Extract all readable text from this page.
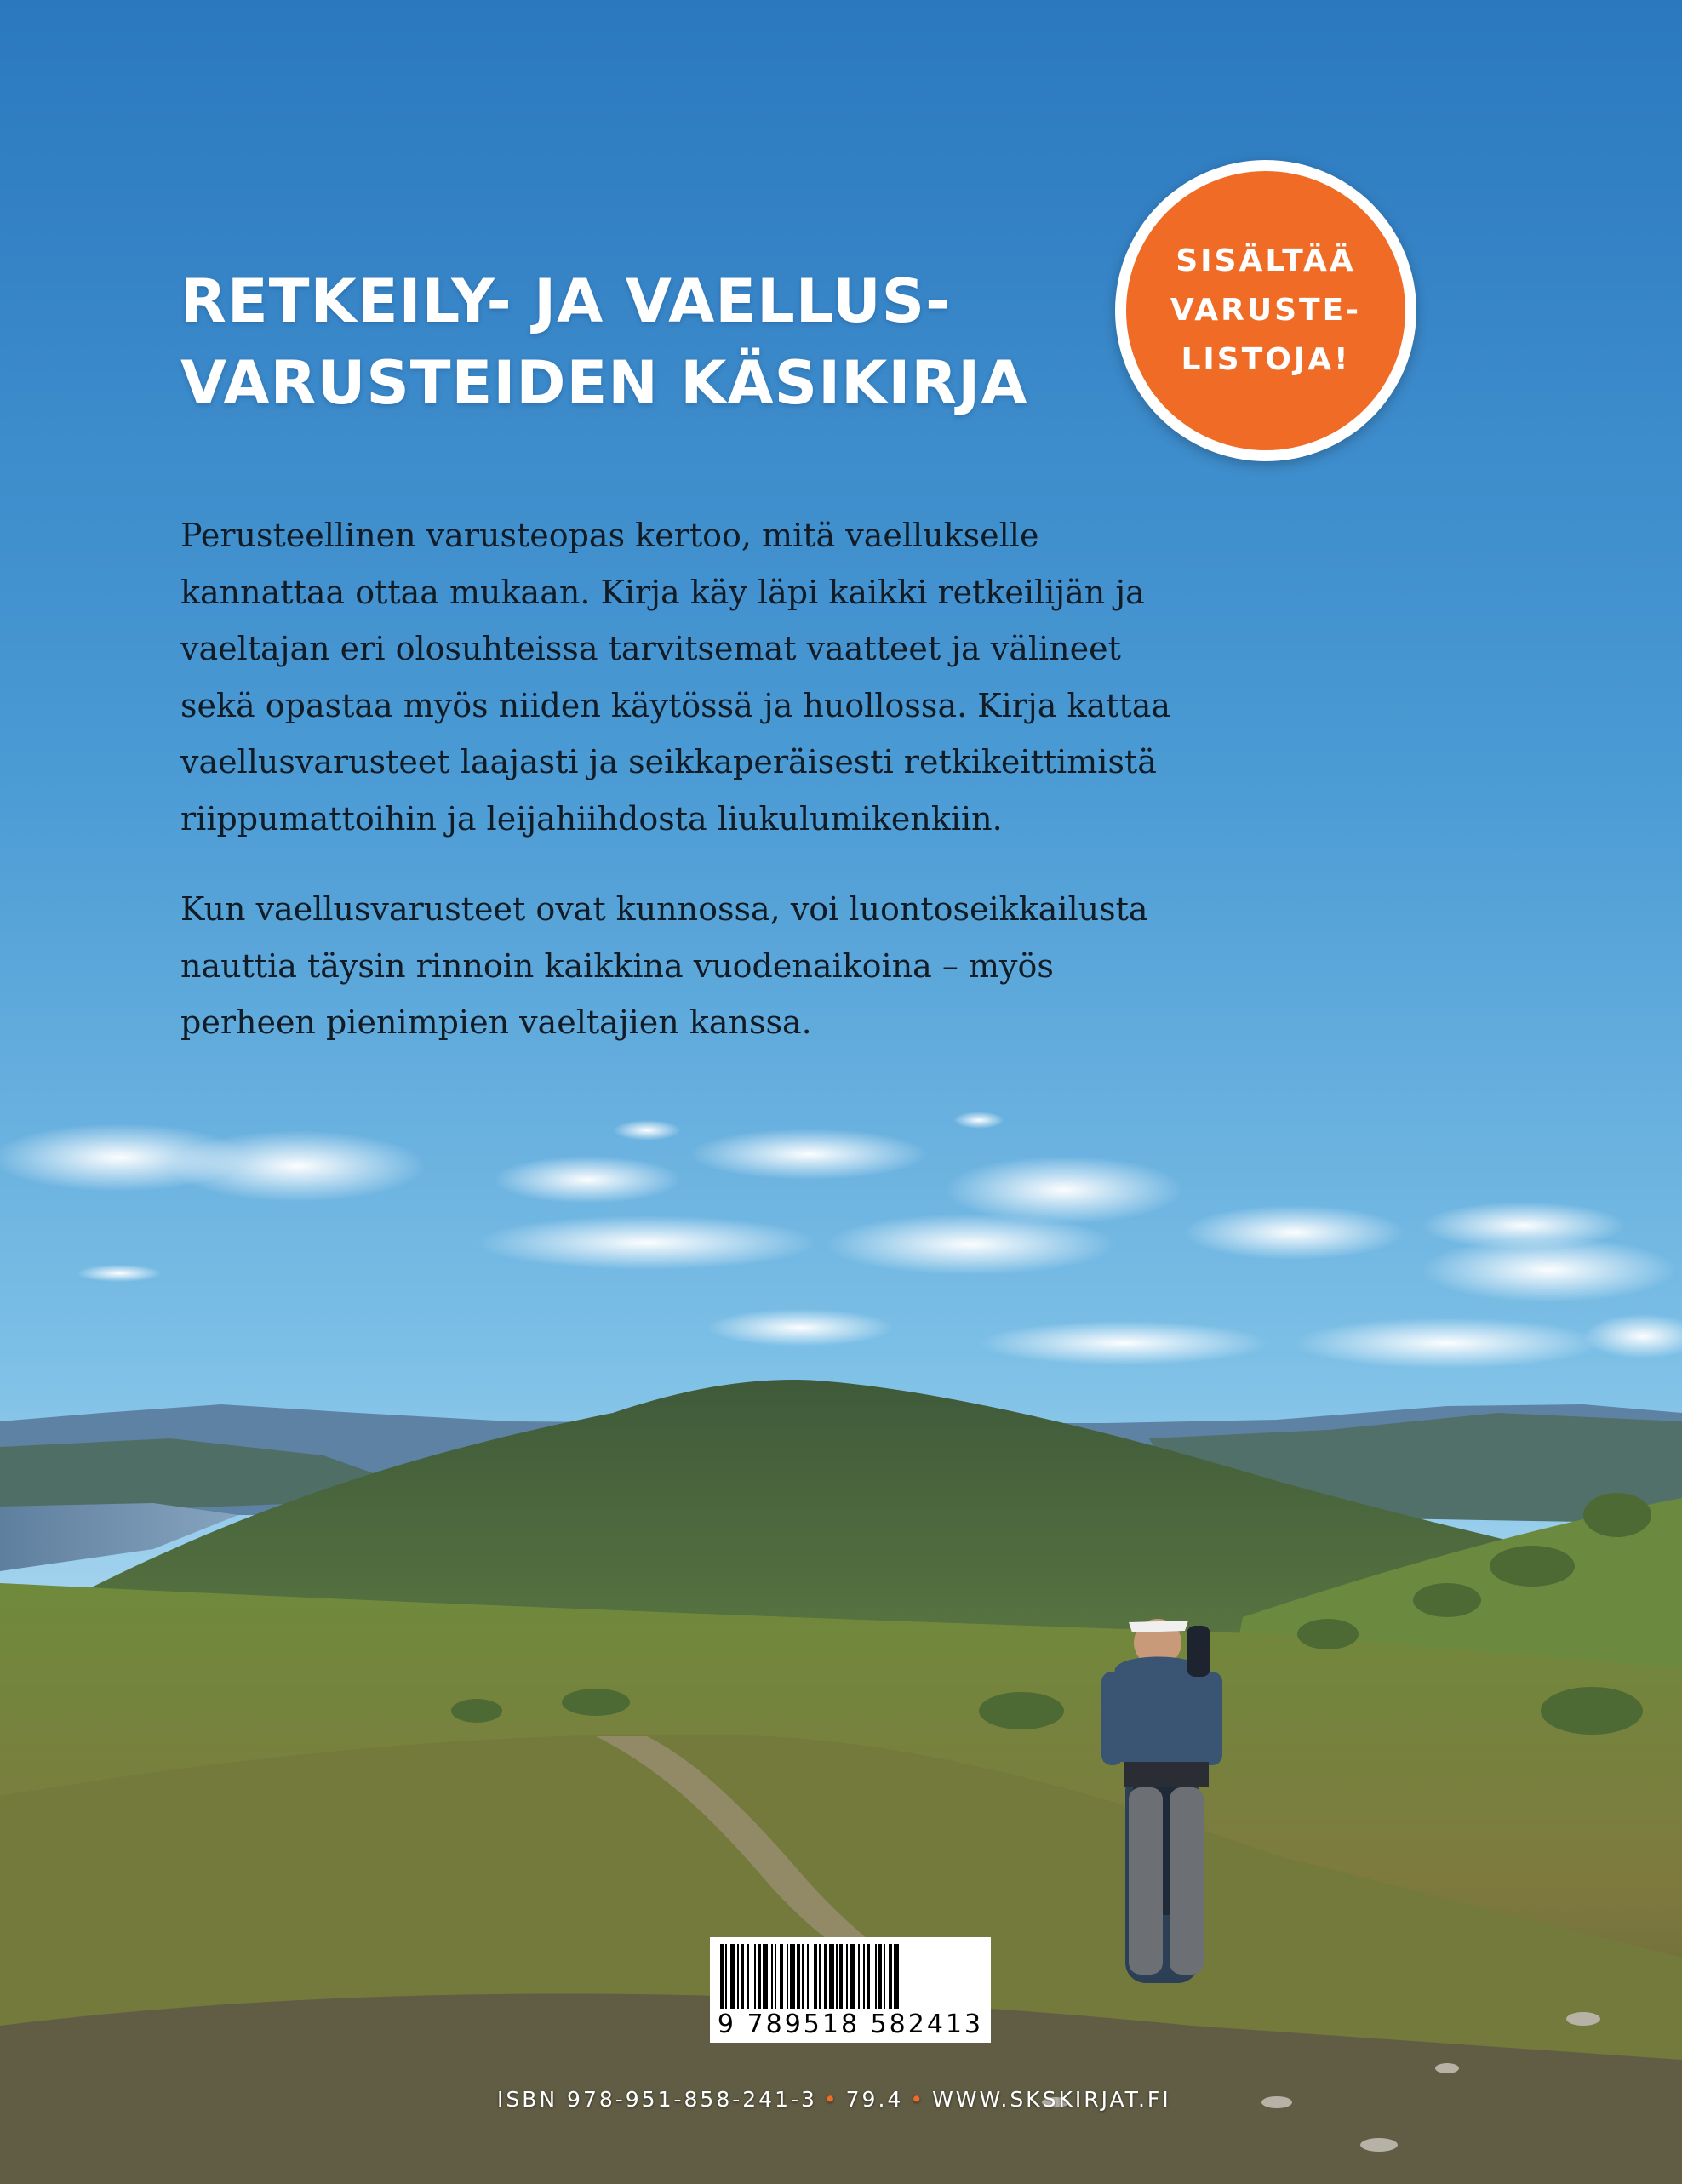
RETKEILY- JA VAELLUS-
VARUSTEIDEN KÄSIKIRJA
SISÄLTÄÄ
VARUSTE-
LISTOJA!

Perusteellinen varusteopas kertoo, mitä vaellukselle
kannattaa ottaa mukaan. Kirja käy läpi kaikki retkeilijän ja
vaeltajan eri olosuhteissa tarvitsemat vaatteet ja välineet
sekä opastaa myös niiden käytössä ja huollossa. Kirja kattaa
vaellusvarusteet laajasti ja seikkaperäisesti retkikeittimistä
riippumattoihin ja leijahiihdosta liukulumikenkiin.

Kun vaellusvarusteet ovat kunnossa, voi luontoseikkailusta
nauttia täysin rinnoin kaikkina vuodenaikoina – myös
perheen pienimpien vaeltajien kanssa.

9 789518 582413
ISBN 978-951-858-241-3 • 79.4 • WWW.SKSKIRJAT.FI
